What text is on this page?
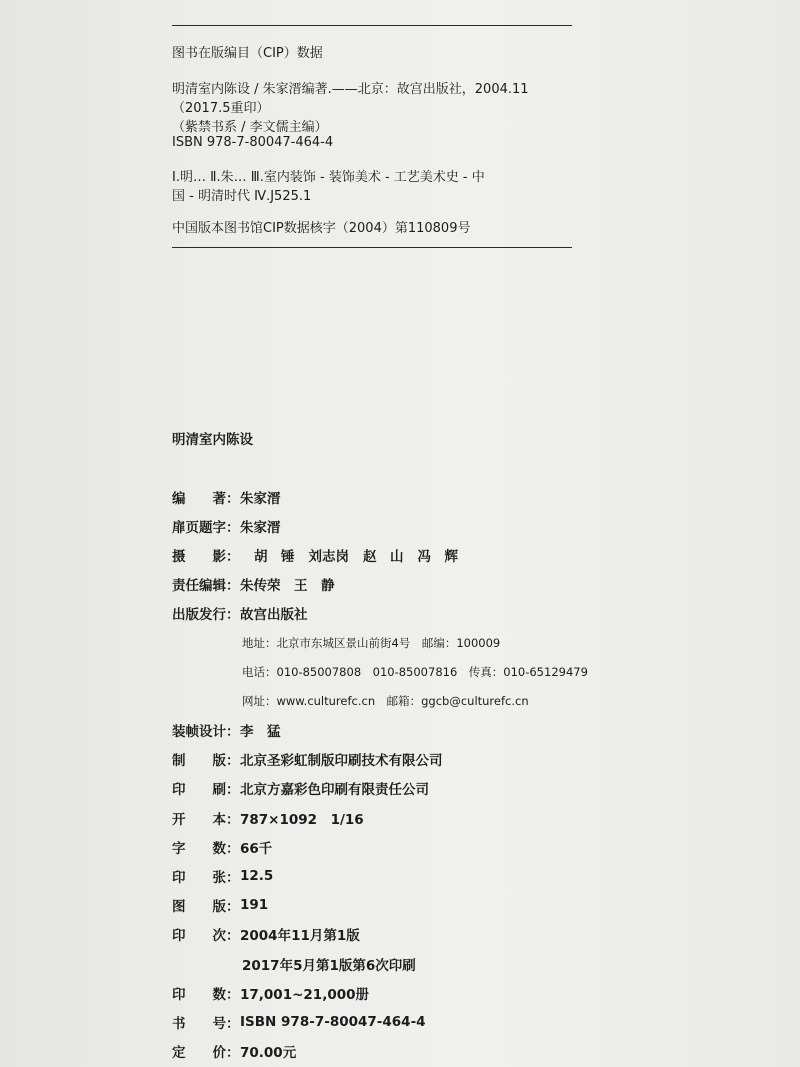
图书在版编目（CIP）数据
明清室内陈设 / 朱家溍编著.——北京：故宫出版社，2004.11
（2017.5重印）
（紫禁书系 / 李文儒主编）
ISBN 978-7-80047-464-4
Ⅰ.明… Ⅱ.朱… Ⅲ.室内装饰 - 装饰美术 - 工艺美术史 - 中
国 - 明清时代 Ⅳ.J525.1
中国版本图书馆CIP数据核字（2004）第110809号
明清室内陈设
编　　著： 朱家溍
扉页题字： 朱家溍
摄　　影： 胡　锤 刘志岗 赵　山 冯　辉
责任编辑： 朱传荣　王　静
出版发行： 故宫出版社
地址：北京市东城区景山前街4号　邮编：100009
电话：010-85007808　010-85007816　传真：010-65129479
网址：www.culturefc.cn　邮箱：ggcb@culturefc.cn
装帧设计： 李　猛
制　　版： 北京圣彩虹制版印刷技术有限公司
印　　刷： 北京方嘉彩色印刷有限责任公司
开　　本： 787×1092　1/16
字　　数： 66千
印　　张： 12.5
图　　版： 191
印　　次： 2004年11月第1版
2017年5月第1版第6次印刷
印　　数： 17,001~21,000册
书　　号： ISBN 978-7-80047-464-4
定　　价： 70.00元
